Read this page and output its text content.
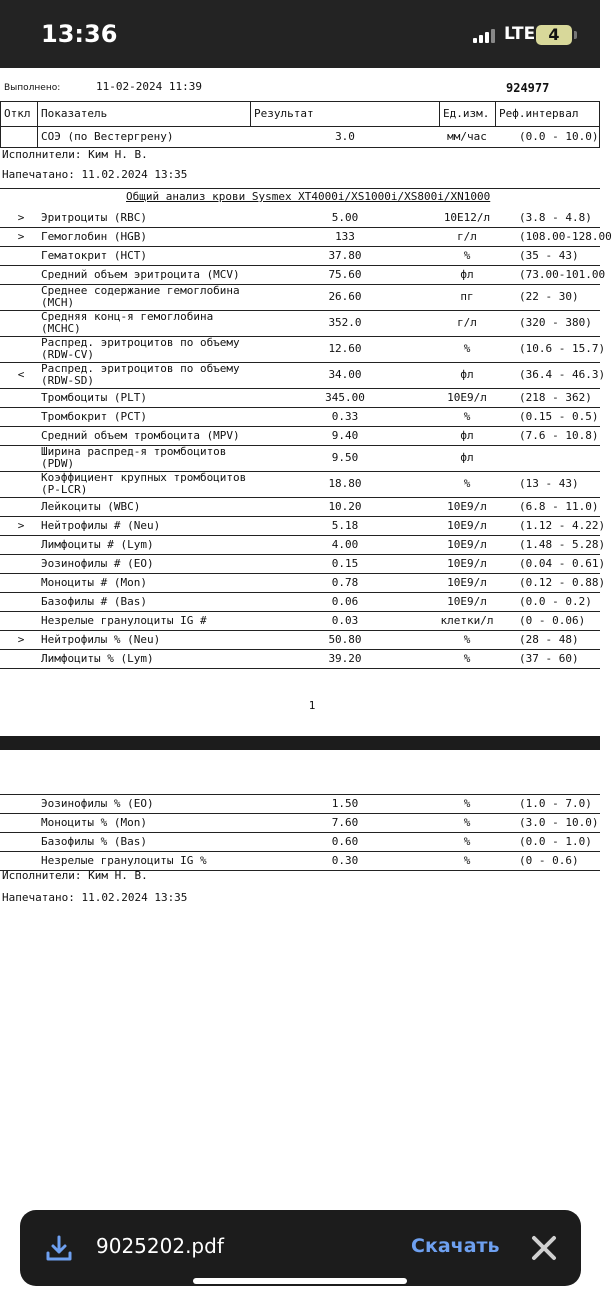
13:36	LTE 4
Выполнено:	11-02-2024 11:39	924977
Откл Показатель	Результат	Ед.изм. Реф.интервал
СОЭ (по Вестергрену)	3.0	мм/час	(0.0 - 10.0)
Исполнители: Ким Н. В.
Напечатано: 11.02.2024 13:35
Общий анализ крови Sysmex XT4000i/XS1000i/XS800i/XN1000
>	Эритроциты (RBC)	5.00	10E12/л	(3.8 - 4.8)
>	Гемоглобин (HGB)	133	г/л	(108.00-128.00
Гематокрит (HCT)	37.80	%	(35 - 43)
Средний объем эритроцита (MCV)	75.60	фл	(73.00-101.00
Среднее содержание гемоглобина
(MCH)	26.60	пг	(22 - 30)
Средняя конц-я гемоглобина
(MCHC)	352.0	г/л	(320 - 380)
Распред. эритроцитов по объему
(RDW-CV)	12.60	%	(10.6 - 15.7)
<	Распред. эритроцитов по объему
(RDW-SD)	34.00	фл	(36.4 - 46.3)
Тромбоциты (PLT)	345.00	10E9/л	(218 - 362)
Тромбокрит (PCT)	0.33	%	(0.15 - 0.5)
Средний объем тромбоцита (MPV)	9.40	фл	(7.6 - 10.8)
Ширина распред-я тромбоцитов
(PDW)	9.50	фл
Коэффициент крупных тромбоцитов
(P-LCR)	18.80	%	(13 - 43)
Лейкоциты (WBC)	10.20	10E9/л	(6.8 - 11.0)
>	Нейтрофилы # (Neu)	5.18	10E9/л	(1.12 - 4.22)
Лимфоциты # (Lym)	4.00	10E9/л	(1.48 - 5.28)
Эозинофилы # (EO)	0.15	10E9/л	(0.04 - 0.61)
Моноциты # (Mon)	0.78	10E9/л	(0.12 - 0.88)
Базофилы # (Bas)	0.06	10E9/л	(0.0 - 0.2)
Незрелые гранулоциты IG #	0.03	клетки/л	(0 - 0.06)
>	Нейтрофилы % (Neu)	50.80	%	(28 - 48)
Лимфоциты % (Lym)	39.20	%	(37 - 60)
1
Эозинофилы % (EO)	1.50	%	(1.0 - 7.0)
Моноциты % (Mon)	7.60	%	(3.0 - 10.0)
Базофилы % (Bas)	0.60	%	(0.0 - 1.0)
Незрелые гранулоциты IG %	0.30	%	(0 - 0.6)
Исполнители: Ким Н. В.
Напечатано: 11.02.2024 13:35
9025202.pdf	Скачать
